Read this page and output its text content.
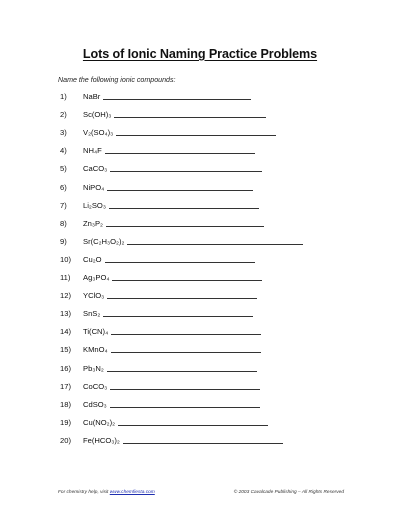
Lots of Ionic Naming Practice Problems
Name the following ionic compounds:
1)	NaBr
2)	Sc(OH)₃
3)	V₂(SO₄)₃
4)	NH₄F
5)	CaCO₃
6)	NiPO₄
7)	Li₂SO₃
8)	Zn₃P₂
9)	Sr(C₂H₃O₂)₂
10)	Cu₂O
11)	Ag₃PO₄
12)	YClO₃
13)	SnS₂
14)	Ti(CN)₄
15)	KMnO₄
16)	Pb₃N₂
17)	CoCO₃
18)	CdSO₃
19)	Cu(NO₂)₂
20)	Fe(HCO₃)₂
For chemistry help, visit www.chemfiesta.com	© 2003 Cavalcade Publishing – All Rights Reserved
